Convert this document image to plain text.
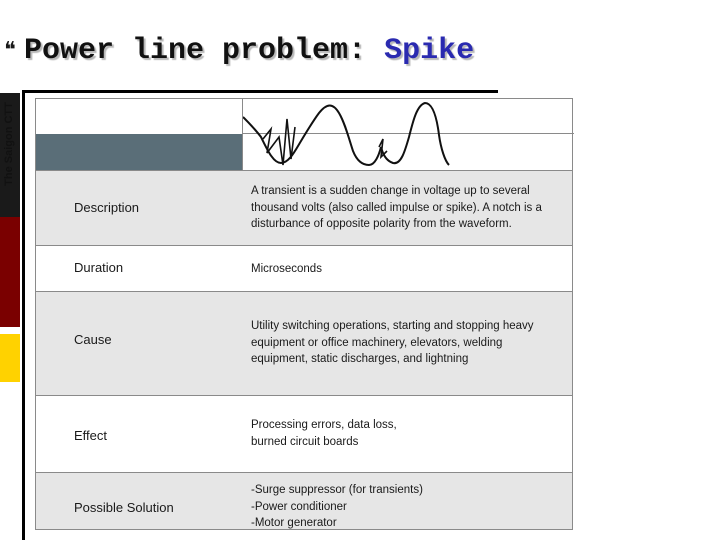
❝ Power line problem: Spike
The Saigon CTT
Description
A transient is a sudden change in voltage up to several
thousand volts (also called impulse or spike). A notch is a
disturbance of opposite polarity from the waveform.
Duration	Microseconds
Cause
Utility switching operations, starting and stopping heavy
equipment or office machinery, elevators, welding
equipment, static discharges, and lightning
Effect
Processing errors, data loss,
burned circuit boards
Possible Solution
-Surge suppressor (for transients)
-Power conditioner
-Motor generator
